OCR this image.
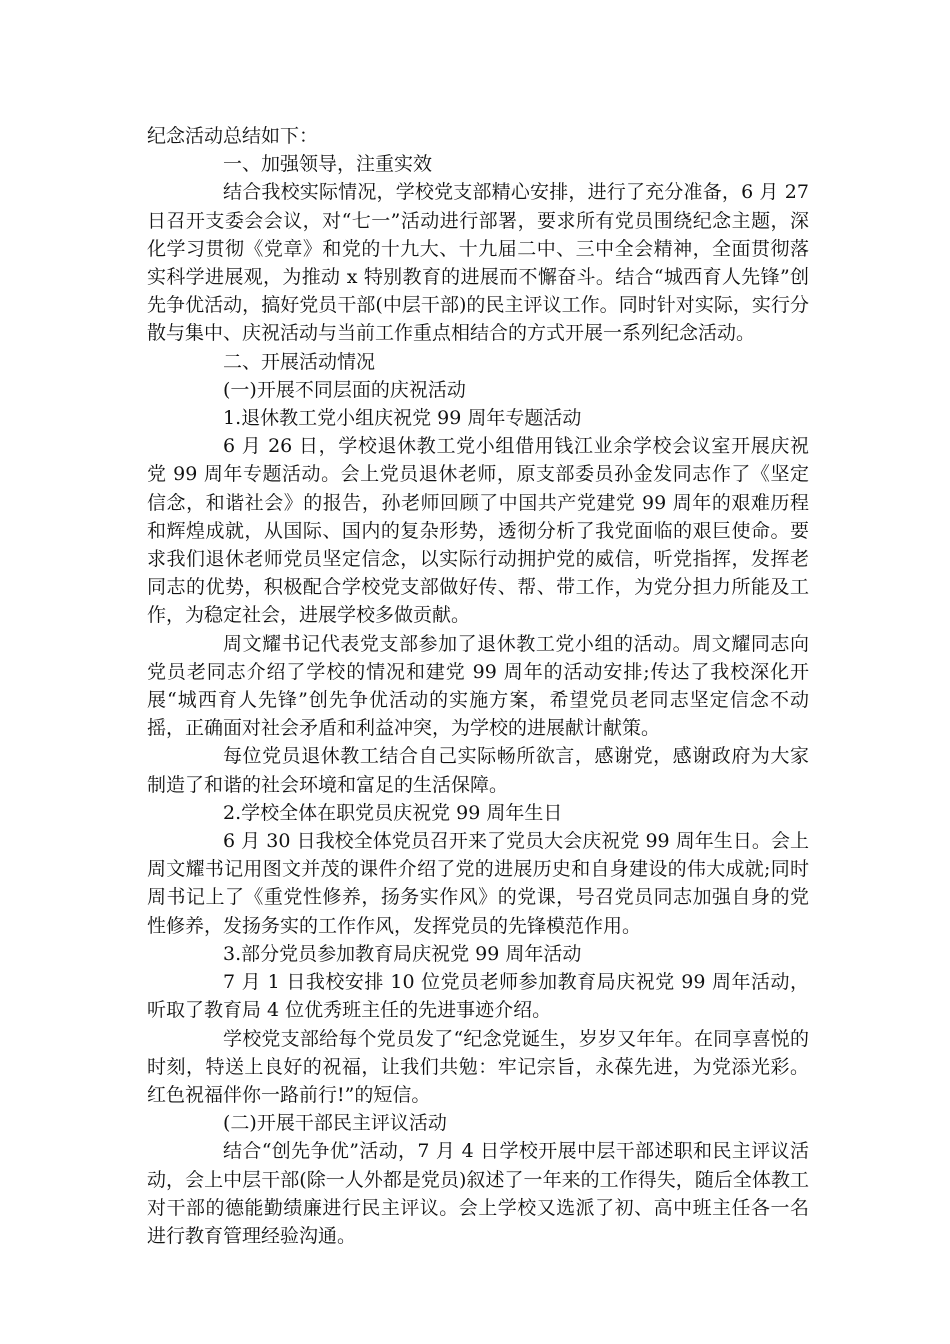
纪念活动总结如下：

一、加强领导，注重实效

结合我校实际情况，学校党支部精心安排，进行了充分准备，6 月 27 日召开支委会会议，对“七一”活动进行部署，要求所有党员围绕纪念主题，深化学习贯彻《党章》和党的十九大、十九届二中、三中全会精神，全面贯彻落实科学进展观，为推动 x 特别教育的进展而不懈奋斗。结合“城西育人先锋”创先争优活动，搞好党员干部(中层干部)的民主评议工作。同时针对实际，实行分散与集中、庆祝活动与当前工作重点相结合的方式开展一系列纪念活动。

二、开展活动情况

(一)开展不同层面的庆祝活动

1.退休教工党小组庆祝党 99 周年专题活动

6 月 26 日，学校退休教工党小组借用钱江业余学校会议室开展庆祝党 99 周年专题活动。会上党员退休老师，原支部委员孙金发同志作了《坚定信念，和谐社会》的报告，孙老师回顾了中国共产党建党 99 周年的艰难历程和辉煌成就，从国际、国内的复杂形势，透彻分析了我党面临的艰巨使命。要求我们退休老师党员坚定信念，以实际行动拥护党的威信，听党指挥，发挥老同志的优势，积极配合学校党支部做好传、帮、带工作，为党分担力所能及工作，为稳定社会，进展学校多做贡献。

周文耀书记代表党支部参加了退休教工党小组的活动。周文耀同志向党员老同志介绍了学校的情况和建党 99 周年的活动安排;传达了我校深化开展“城西育人先锋”创先争优活动的实施方案，希望党员老同志坚定信念不动摇，正确面对社会矛盾和利益冲突，为学校的进展献计献策。

每位党员退休教工结合自己实际畅所欲言，感谢党，感谢政府为大家制造了和谐的社会环境和富足的生活保障。

2.学校全体在职党员庆祝党 99 周年生日

6 月 30 日我校全体党员召开来了党员大会庆祝党 99 周年生日。会上周文耀书记用图文并茂的课件介绍了党的进展历史和自身建设的伟大成就;同时周书记上了《重党性修养，扬务实作风》的党课，号召党员同志加强自身的党性修养，发扬务实的工作作风，发挥党员的先锋模范作用。

3.部分党员参加教育局庆祝党 99 周年活动

7 月 1 日我校安排 10 位党员老师参加教育局庆祝党 99 周年活动，听取了教育局 4 位优秀班主任的先进事迹介绍。

学校党支部给每个党员发了“纪念党诞生，岁岁又年年。在同享喜悦的时刻，特送上良好的祝福，让我们共勉：牢记宗旨，永葆先进，为党添光彩。红色祝福伴你一路前行!”的短信。

(二)开展干部民主评议活动

结合“创先争优”活动，7 月 4 日学校开展中层干部述职和民主评议活动，会上中层干部(除一人外都是党员)叙述了一年来的工作得失，随后全体教工对干部的德能勤绩廉进行民主评议。会上学校又选派了初、高中班主任各一名进行教育管理经验沟通。
